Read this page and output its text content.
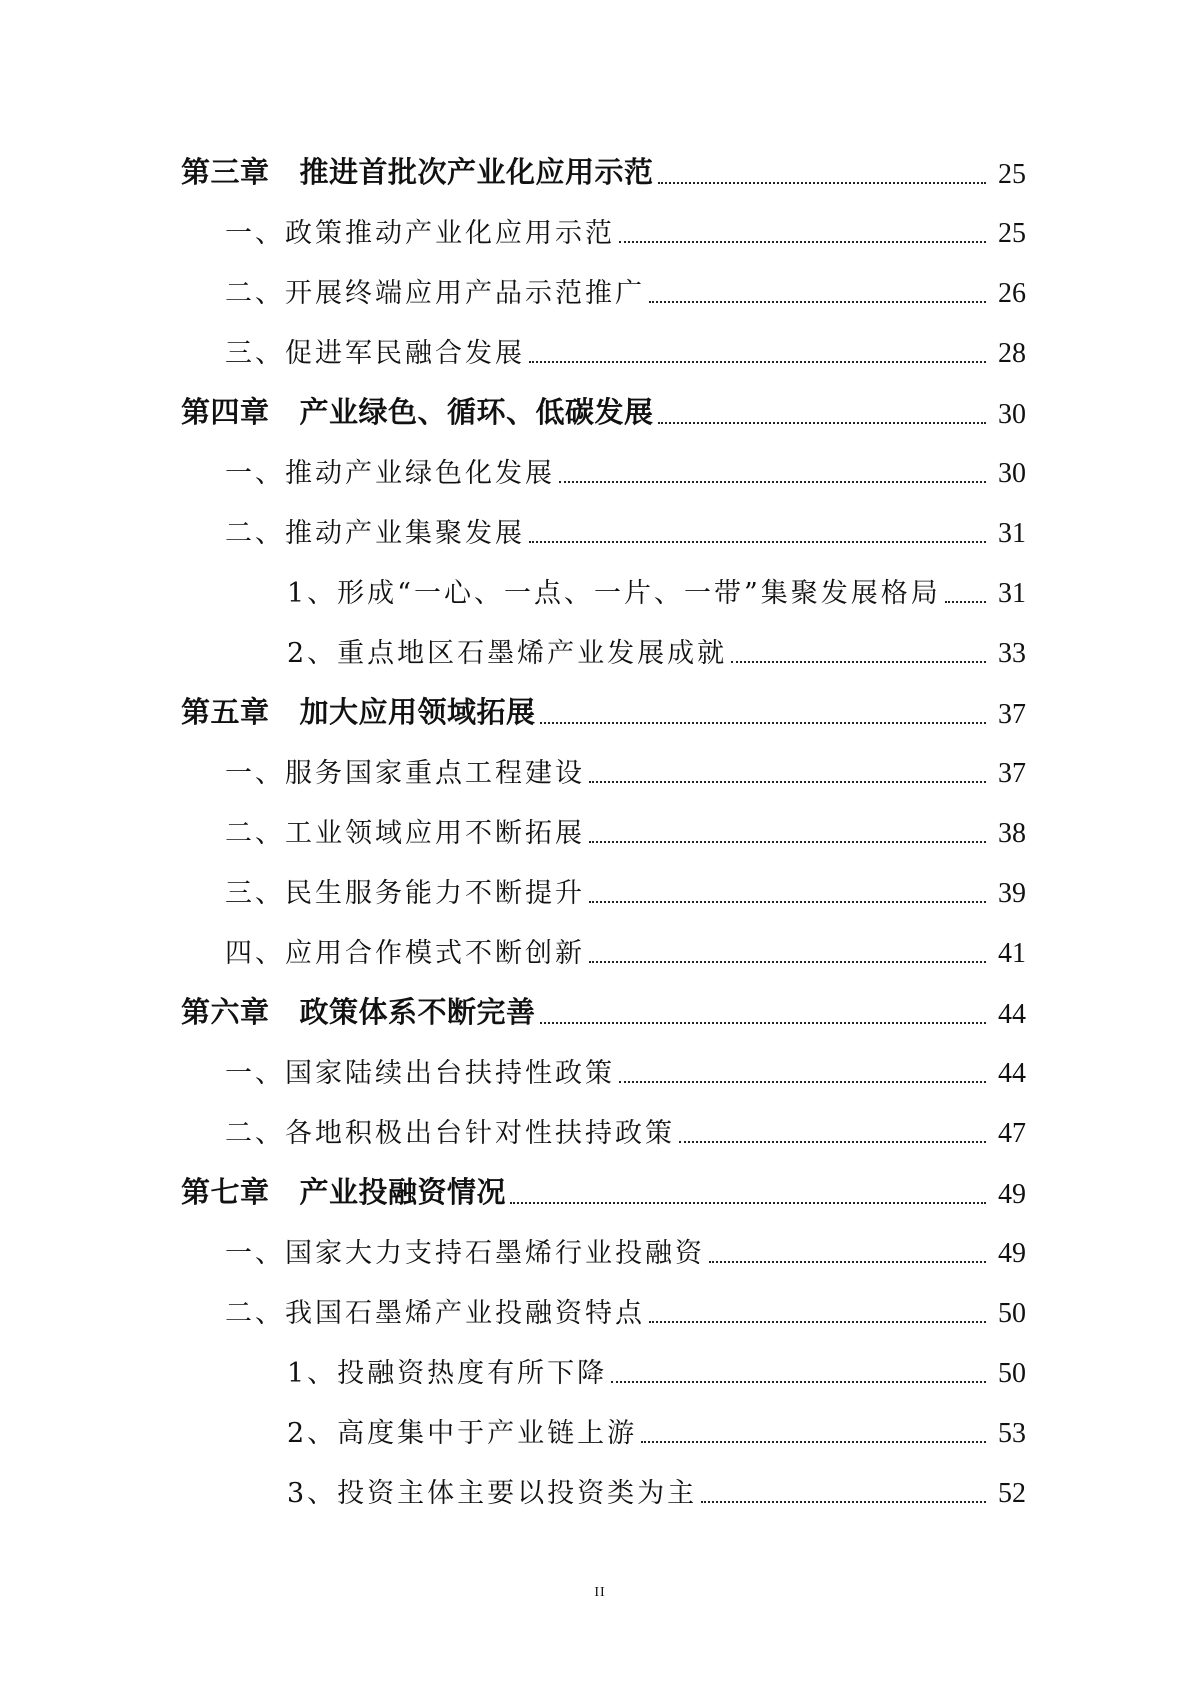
第三章 推进首批次产业化应用示范	25
一、政策推动产业化应用示范	25
二、开展终端应用产品示范推广	26
三、促进军民融合发展	28
第四章 产业绿色、循环、低碳发展	30
一、推动产业绿色化发展	30
二、推动产业集聚发展	31
1、形成“一心、一点、一片、一带”集聚发展格局 31
2、重点地区石墨烯产业发展成就	33
第五章 加大应用领域拓展	37
一、服务国家重点工程建设	37
二、工业领域应用不断拓展	38
三、民生服务能力不断提升	39
四、应用合作模式不断创新	41
第六章 政策体系不断完善	44
一、国家陆续出台扶持性政策	44
二、各地积极出台针对性扶持政策	47
第七章 产业投融资情况	49
一、国家大力支持石墨烯行业投融资	49
二、我国石墨烯产业投融资特点	50
1、投融资热度有所下降	50
2、高度集中于产业链上游	53
3、投资主体主要以投资类为主	52
II
